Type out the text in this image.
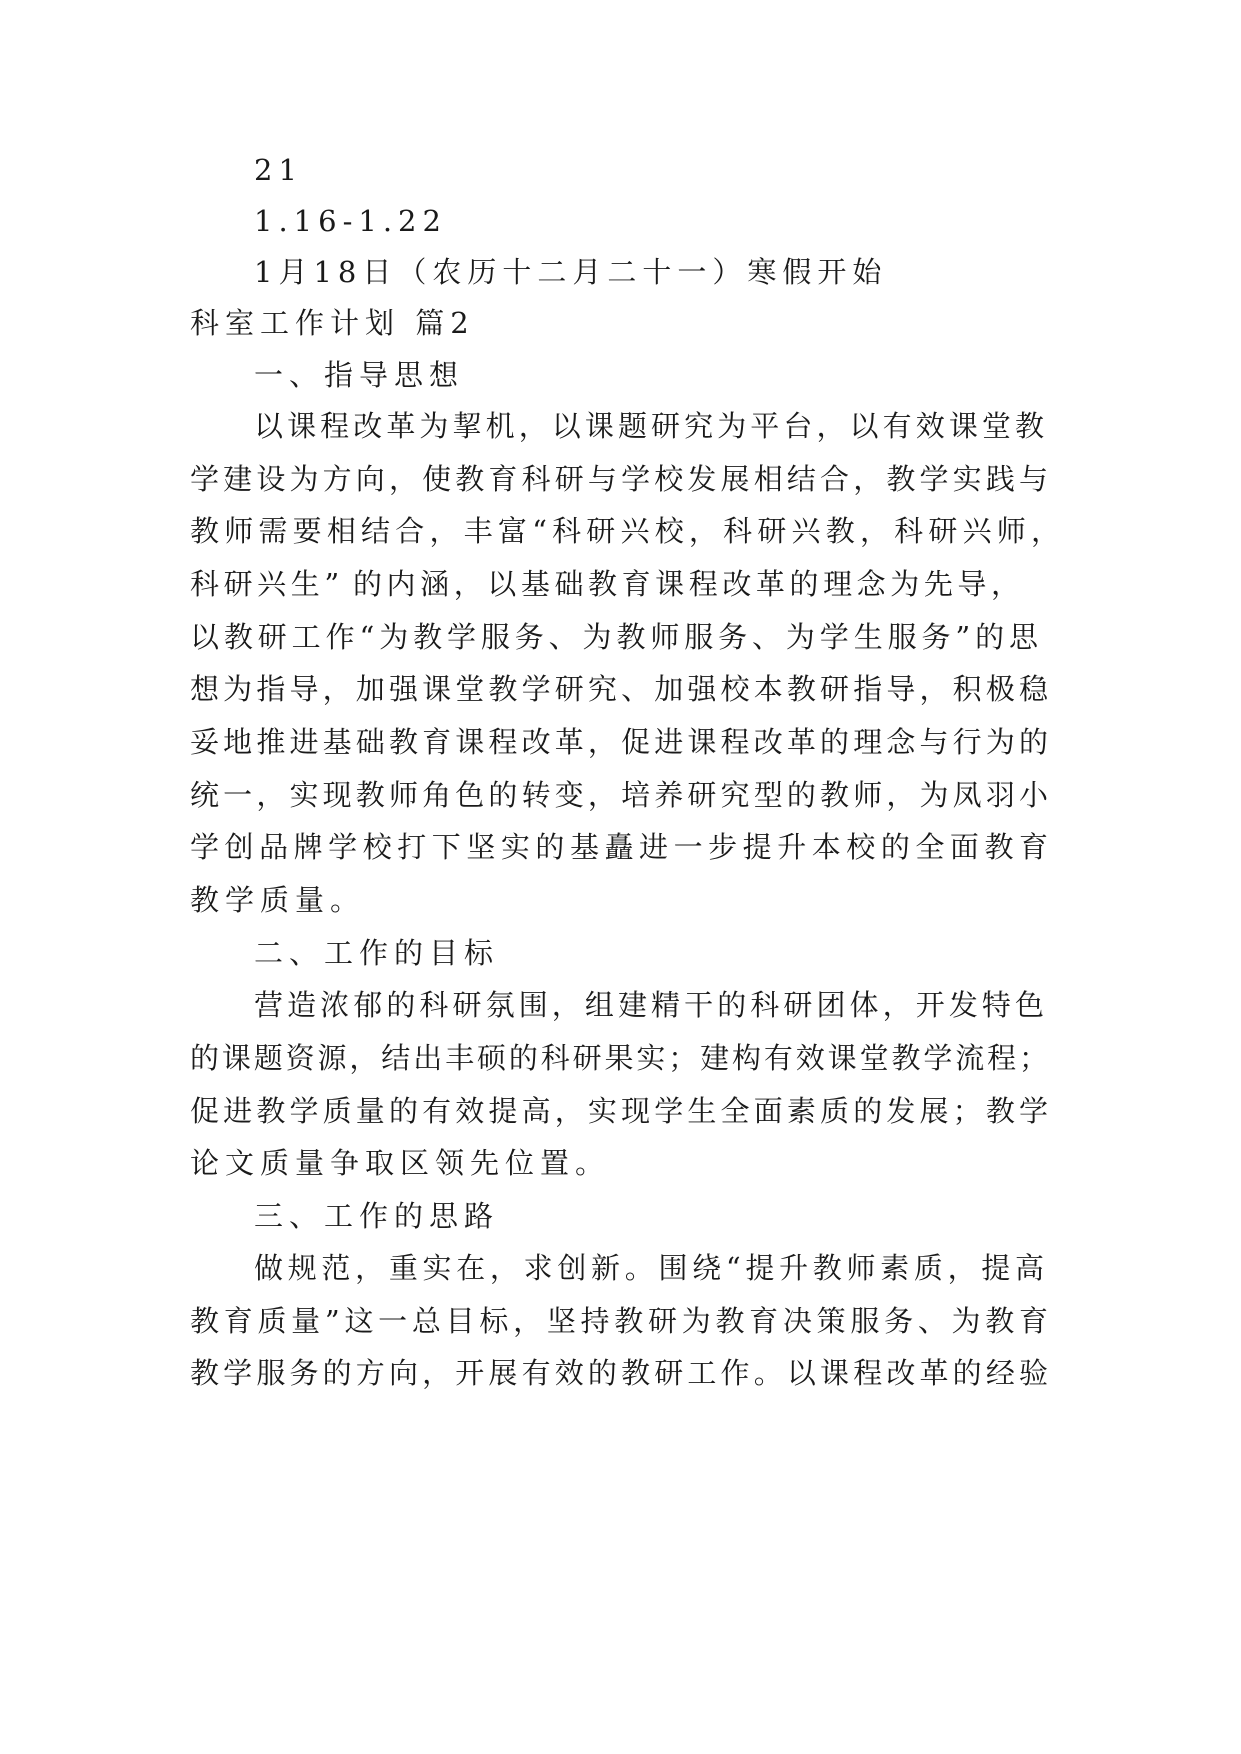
21
1.16-1.22
1月18日（农历十二月二十一）寒假开始
科室工作计划 篇2
一、指导思想
以课程改革为挈机，以课题研究为平台，以有效课堂教
学建设为方向，使教育科研与学校发展相结合，教学实践与
教师需要相结合，丰富“科研兴校，科研兴教，科研兴师，
科研兴生” 的内涵，以基础教育课程改革的理念为先导，
以教研工作“为教学服务、为教师服务、为学生服务”的思
想为指导，加强课堂教学研究、加强校本教研指导，积极稳
妥地推进基础教育课程改革，促进课程改革的理念与行为的
统一，实现教师角色的转变，培养研究型的教师，为凤羽小
学创品牌学校打下坚实的基矗进一步提升本校的全面教育
教学质量。
二、工作的目标
营造浓郁的科研氛围，组建精干的科研团体，开发特色
的课题资源，结出丰硕的科研果实；建构有效课堂教学流程；
促进教学质量的有效提高，实现学生全面素质的发展；教学
论文质量争取区领先位置。
三、工作的思路
做规范，重实在，求创新。围绕“提升教师素质，提高
教育质量”这一总目标，坚持教研为教育决策服务、为教育
教学服务的方向，开展有效的教研工作。以课程改革的经验
